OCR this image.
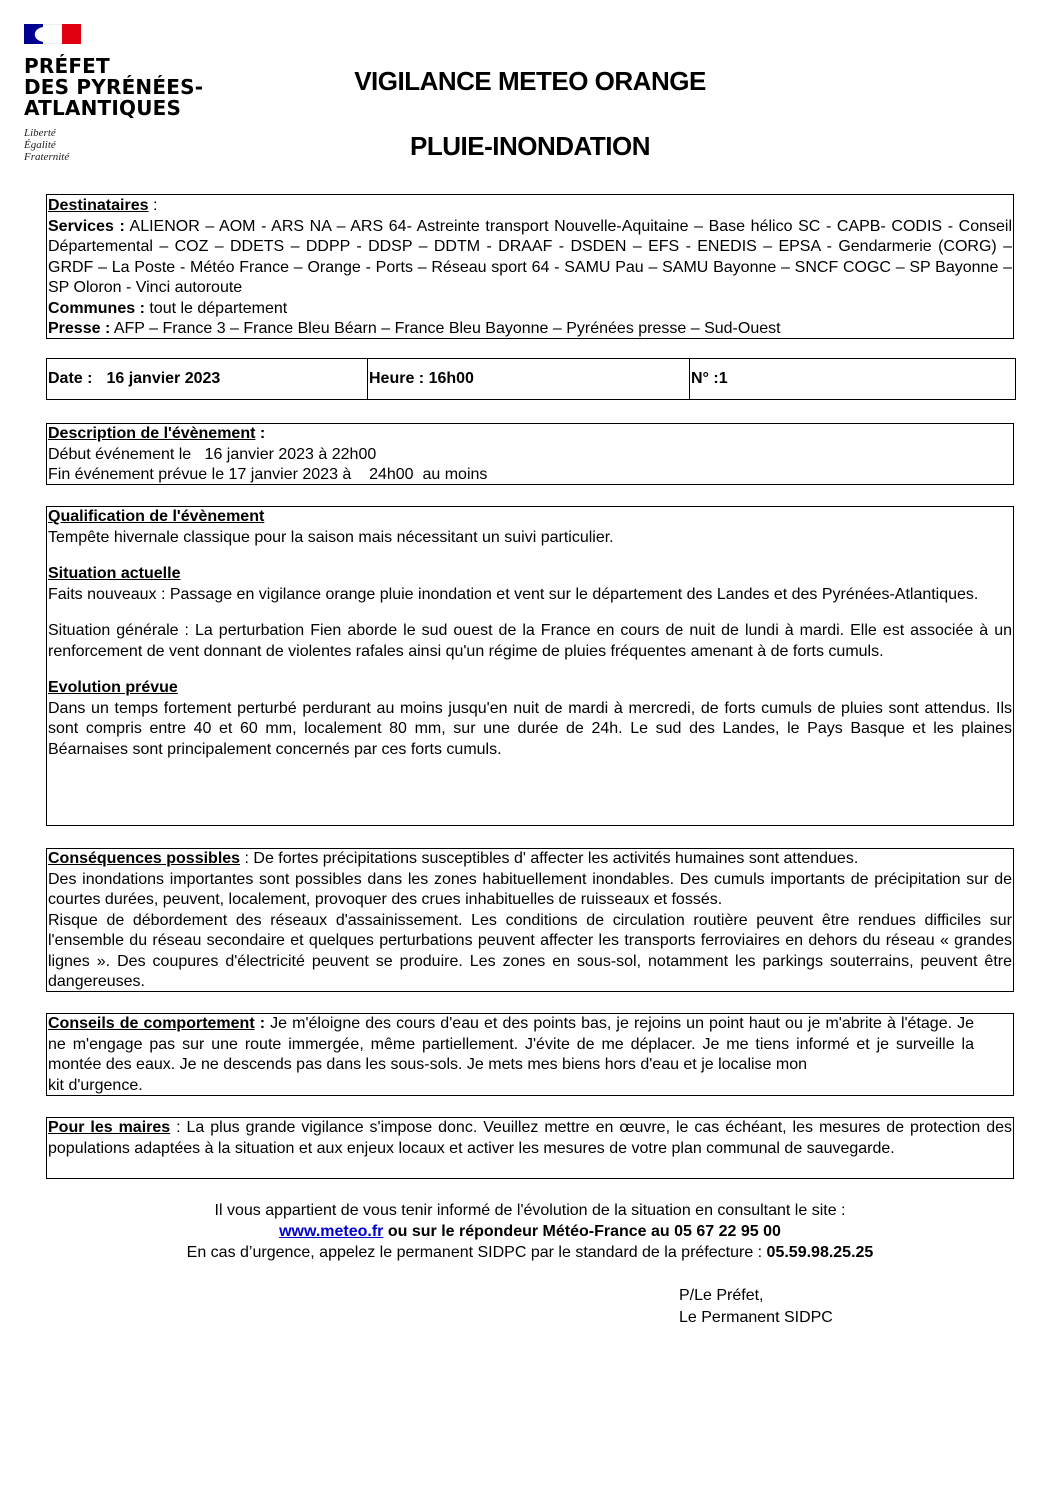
PRÉFET
DES PYRÉNÉES-
ATLANTIQUES
Liberté
Égalité
Fraternité
VIGILANCE METEO ORANGE
PLUIE-INONDATION

Destinataires :

Services : ALIENOR – AOM - ARS NA – ARS 64- Astreinte transport Nouvelle-Aquitaine – Base hélico SC - CAPB- CODIS - Conseil Départemental – COZ – DDETS – DDPP - DDSP – DDTM - DRAAF - DSDEN – EFS - ENEDIS – EPSA - Gendarmerie (CORG) – GRDF – La Poste - Météo France – Orange - Ports – Réseau sport 64 - SAMU Pau – SAMU Bayonne – SNCF COGC – SP Bayonne – SP Oloron - Vinci autoroute

Communes : tout le département

Presse : AFP – France 3 – France Bleu Béarn – France Bleu Bayonne – Pyrénées presse – Sud-Ouest

Date : 16 janvier 2023	Heure : 16h00	N° :1

Description de l'évènement :

Début événement le   16 janvier 2023 à 22h00

Fin événement prévue le 17 janvier 2023 à    24h00  au moins

Qualification de l'évènement

Tempête hivernale classique pour la saison mais nécessitant un suivi particulier.

Situation actuelle

Faits nouveaux : Passage en vigilance orange pluie inondation et vent sur le département des Landes et des Pyrénées-Atlantiques.

Situation générale : La perturbation Fien aborde le sud ouest de la France en cours de nuit de lundi à mardi. Elle est associée à un renforcement de vent donnant de violentes rafales ainsi qu'un régime de pluies fréquentes amenant à de forts cumuls.

Evolution prévue

Dans un temps fortement perturbé perdurant au moins jusqu'en nuit de mardi à mercredi, de forts cumuls de pluies sont attendus. Ils sont compris entre 40 et 60 mm, localement 80 mm, sur une durée de 24h. Le sud des Landes, le Pays Basque et les plaines Béarnaises sont principalement concernés par ces forts cumuls.

Conséquences possibles : De fortes précipitations susceptibles d' affecter les activités humaines sont attendues.

Des inondations importantes sont possibles dans les zones habituellement inondables. Des cumuls importants de précipitation sur de courtes durées, peuvent, localement, provoquer des crues inhabituelles de ruisseaux et fossés.

Risque de débordement des réseaux d'assainissement. Les conditions de circulation routière peuvent être rendues difficiles sur l'ensemble du réseau secondaire et quelques perturbations peuvent affecter les transports ferroviaires en dehors du réseau « grandes lignes ». Des coupures d'électricité peuvent se produire. Les zones en sous-sol, notamment les parkings souterrains, peuvent être dangereuses.

Conseils de comportement : Je m'éloigne des cours d'eau et des points bas, je rejoins un point haut ou je m'abrite à l'étage. Je ne m'engage pas sur une route immergée, même partiellement. J'évite de me déplacer. Je me tiens informé et je surveille la montée des eaux. Je ne descends pas dans les sous-sols. Je mets mes biens hors d'eau et je localise mon

kit d'urgence.

Pour les maires : La plus grande vigilance s'impose donc. Veuillez mettre en œuvre, le cas échéant, les mesures de protection des populations adaptées à la situation et aux enjeux locaux et activer les mesures de votre plan communal de sauvegarde.

Il vous appartient de vous tenir informé de l'évolution de la situation en consultant le site :
www.meteo.fr ou sur le répondeur Météo-France au 05 67 22 95 00
En cas d’urgence, appelez le permanent SIDPC par le standard de la préfecture : 05.59.98.25.25
P/Le Préfet,
Le Permanent SIDPC
